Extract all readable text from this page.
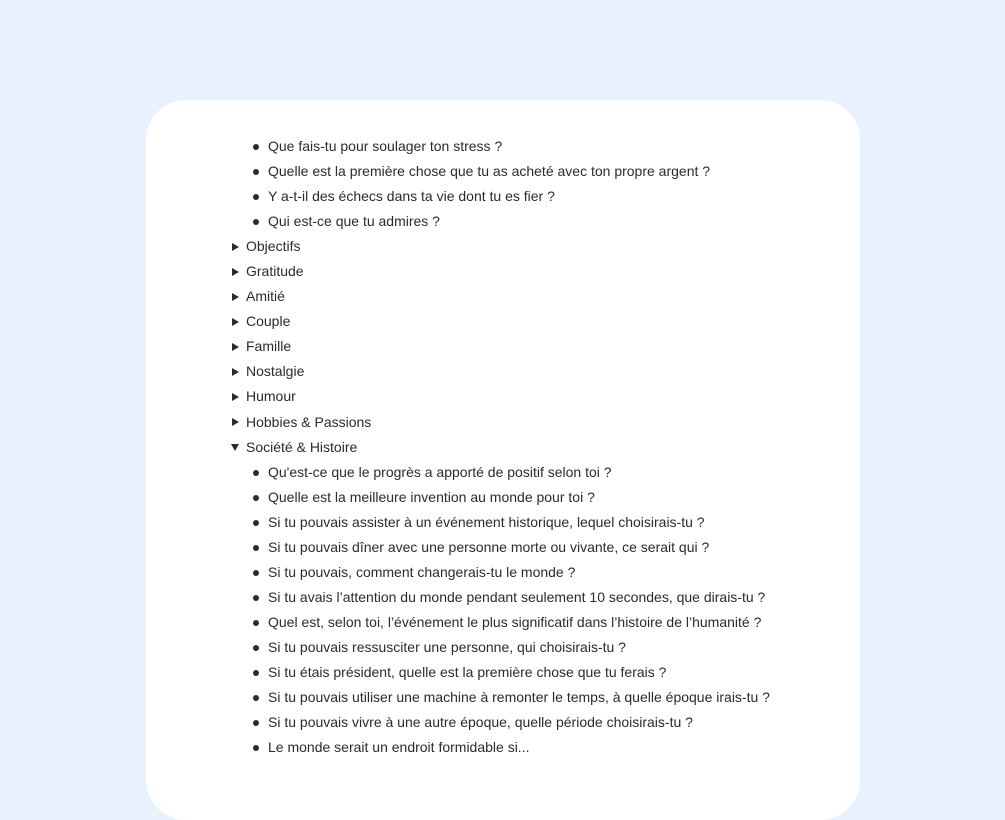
Que fais-tu pour soulager ton stress ?
Quelle est la première chose que tu as acheté avec ton propre argent ?
Y a-t-il des échecs dans ta vie dont tu es fier ?
Qui est-ce que tu admires ?
Objectifs
Gratitude
Amitié
Couple
Famille
Nostalgie
Humour
Hobbies & Passions
Société & Histoire
Qu'est-ce que le progrès a apporté de positif selon toi ?
Quelle est la meilleure invention au monde pour toi ?
Si tu pouvais assister à un événement historique, lequel choisirais-tu ?
Si tu pouvais dîner avec une personne morte ou vivante, ce serait qui ?
Si tu pouvais, comment changerais-tu le monde ?
Si tu avais l’attention du monde pendant seulement 10 secondes, que dirais-tu ?
Quel est, selon toi, l’événement le plus significatif dans l’histoire de l’humanité ?
Si tu pouvais ressusciter une personne, qui choisirais-tu ?
Si tu étais président, quelle est la première chose que tu ferais ?
Si tu pouvais utiliser une machine à remonter le temps, à quelle époque irais-tu ?
Si tu pouvais vivre à une autre époque, quelle période choisirais-tu ?
Le monde serait un endroit formidable si...
